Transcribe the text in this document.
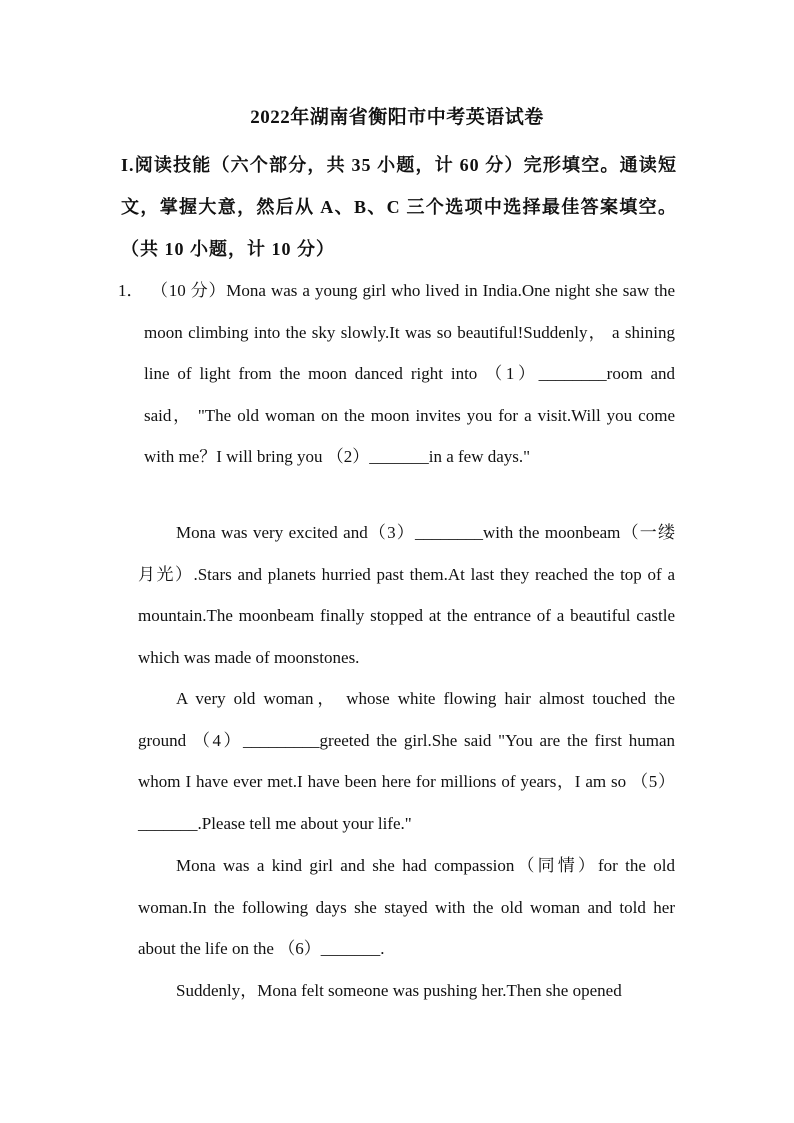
2022年湖南省衡阳市中考英语试卷
I.阅读技能（六个部分，共 35 小题，计 60 分）完形填空。通读短文，掌握大意，然后从 A、B、C 三个选项中选择最佳答案填空。（共 10 小题，计 10 分）
1． （10 分）Mona was a young girl who lived in India.One night she saw the moon climbing into the sky slowly.It was so beautiful!Suddenly， a shining line of light from the moon danced right into （1）________room and said， "The old woman on the moon invites you for a visit.Will you come with me？I will bring you （2）_______in a few days."
Mona was very excited and（3）________with the moonbeam（一缕月光）.Stars and planets hurried past them.At last they reached the top of a mountain.The moonbeam finally stopped at the entrance of a beautiful castle which was made of moonstones.
A very old woman， whose white flowing hair almost touched the ground （4）_________greeted the girl.She said "You are the first human whom I have ever met.I have been here for millions of years，I am so （5）_______.Please tell me about your life."
Mona was a kind girl and she had compassion（同情）for the old woman.In the following days she stayed with the old woman and told her about the life on the （6）_______.
Suddenly，Mona felt someone was pushing her.Then she opened
